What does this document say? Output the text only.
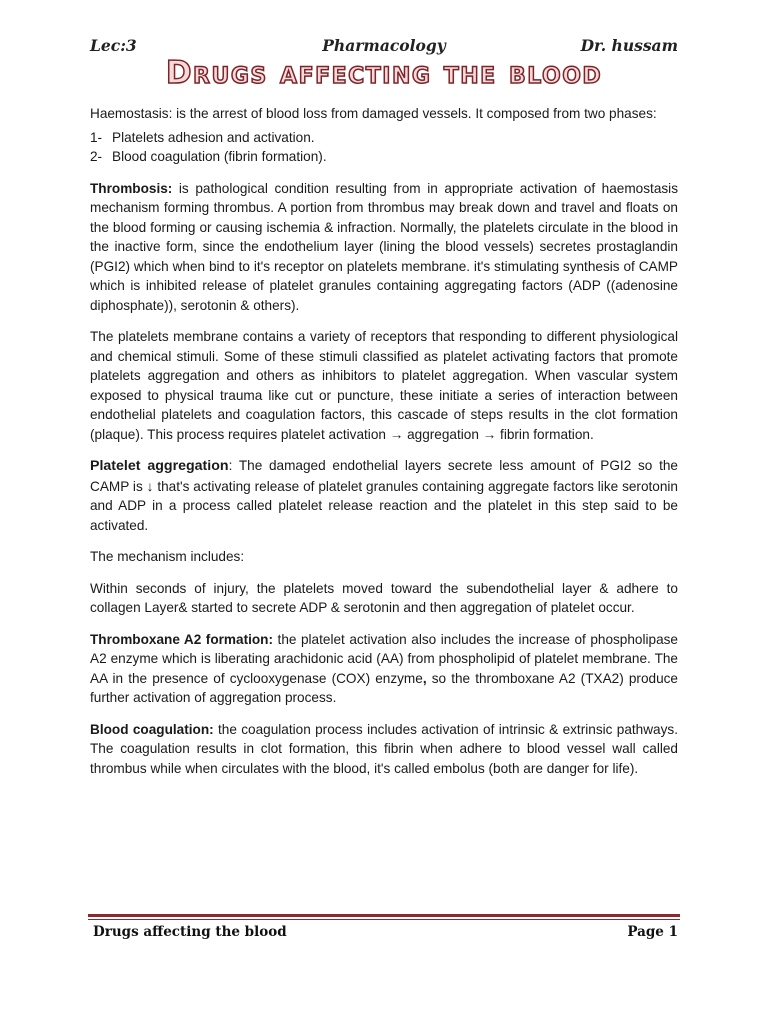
Lec:3	Pharmacology	Dr. hussam
Drugs affecting the blood

Haemostasis: is the arrest of blood loss from damaged vessels. It composed from two phases:

1- Platelets adhesion and activation.
2- Blood coagulation (fibrin formation).

Thrombosis: is pathological condition resulting from in appropriate activation of haemostasis mechanism forming thrombus. A portion from thrombus may break down and travel and floats on the blood forming or causing ischemia & infraction. Normally, the platelets circulate in the blood in the inactive form, since the endothelium layer (lining the blood vessels) secretes prostaglandin (PGI2) which when bind to it's receptor on platelets membrane. it's stimulating synthesis of CAMP which is inhibited release of platelet granules containing aggregating factors (ADP ((adenosine diphosphate)), serotonin & others).

The platelets membrane contains a variety of receptors that responding to different physiological and chemical stimuli. Some of these stimuli classified as platelet activating factors that promote platelets aggregation and others as inhibitors to platelet aggregation. When vascular system exposed to physical trauma like cut or puncture, these initiate a series of interaction between endothelial platelets and coagulation factors, this cascade of steps results in the clot formation (plaque). This process requires platelet activation → aggregation → fibrin formation.

Platelet aggregation: The damaged endothelial layers secrete less amount of PGI2 so the CAMP is ↓ that's activating release of platelet granules containing aggregate factors like serotonin and ADP in a process called platelet release reaction and the platelet in this step said to be activated.

The mechanism includes:

Within seconds of injury, the platelets moved toward the subendothelial layer & adhere to collagen Layer& started to secrete ADP & serotonin and then aggregation of platelet occur.

Thromboxane A2 formation: the platelet activation also includes the increase of phospholipase A2 enzyme which is liberating arachidonic acid (AA) from phospholipid of platelet membrane. The AA in the presence of cyclooxygenase (COX) enzyme, so the thromboxane A2 (TXA2) produce further activation of aggregation process.

Blood coagulation: the coagulation process includes activation of intrinsic & extrinsic pathways. The coagulation results in clot formation, this fibrin when adhere to blood vessel wall called thrombus while when circulates with the blood, it's called embolus (both are danger for life).

Drugs affecting the blood	Page 1
